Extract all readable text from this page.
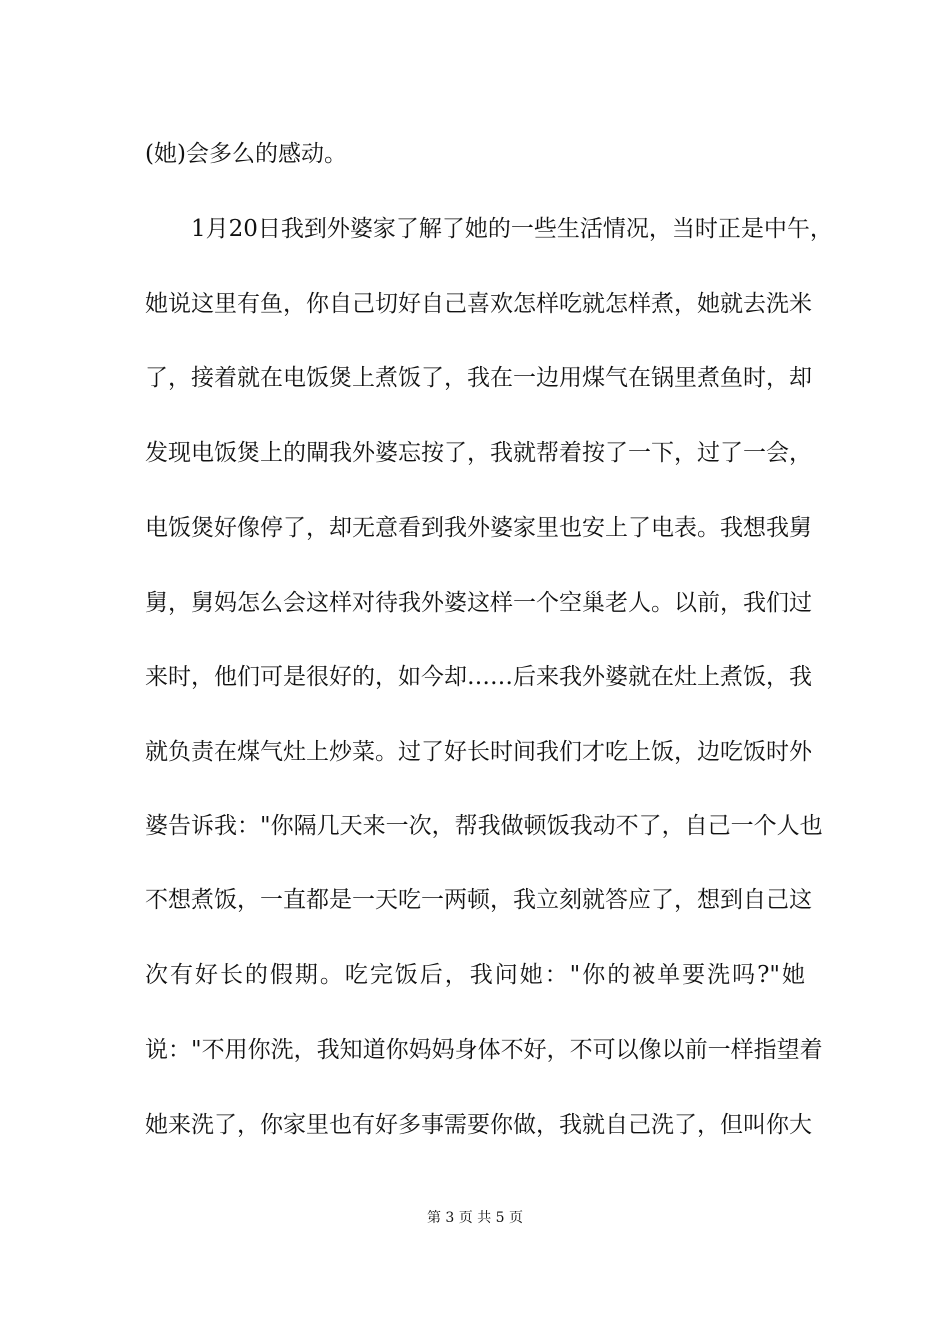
(她)会多么的感动。
1月20日我到外婆家了解了她的一些生活情况，当时正是中午，
她说这里有鱼，你自己切好自己喜欢怎样吃就怎样煮，她就去洗米
了，接着就在电饭煲上煮饭了，我在一边用煤气在锅里煮鱼时，却
发现电饭煲上的閘我外婆忘按了，我就帮着按了一下，过了一会，
电饭煲好像停了，却无意看到我外婆家里也安上了电表。我想我舅
舅，舅妈怎么会这样对待我外婆这样一个空巢老人。以前，我们过
来时，他们可是很好的，如今却……后来我外婆就在灶上煮饭，我
就负责在煤气灶上炒菜。过了好长时间我们才吃上饭，边吃饭时外
婆告诉我："你隔几天来一次，帮我做顿饭我动不了，自己一个人也
不想煮饭，一直都是一天吃一两顿，我立刻就答应了，想到自己这
次有好长的假期。吃完饭后，我问她："你的被单要洗吗?"她
说："不用你洗，我知道你妈妈身体不好，不可以像以前一样指望着
她来洗了，你家里也有好多事需要你做，我就自己洗了，但叫你大
第 3 页 共 5 页
